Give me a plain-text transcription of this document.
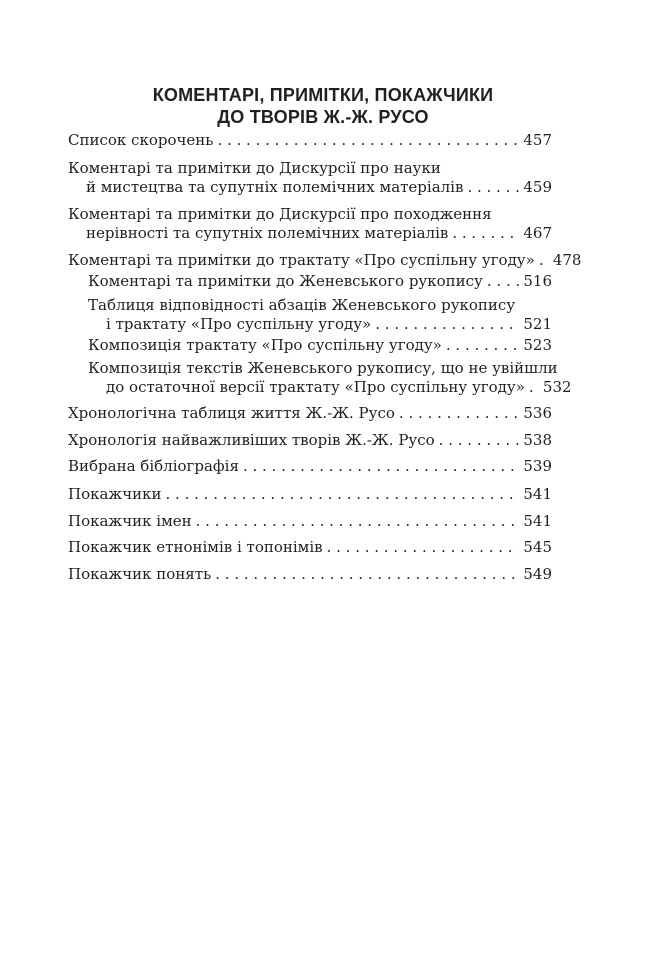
КОМЕНТАРІ, ПРИМІТКИ, ПОКАЖЧИКИ
ДО ТВОРІВ Ж.-Ж. РУСО
Список скорочень . . .	457
Коментарі та примітки до Дискурсії про науки
й мистецтва та супутніх полемічних матеріалів . . .	459
Коментарі та примітки до Дискурсії про походження
нерівності та супутніх полемічних матеріалів . . .	467
Коментарі та примітки до трактату «Про суспільну угоду» . . . 478
Коментарі та примітки до Женевського рукопису . . .	516
Таблиця відповідності абзаців Женевського рукопису
і трактату «Про суспільну угоду» . . .	521
Композиція трактату «Про суспільну угоду» . . .	523
Композиція текстів Женевського рукопису, що не увійшли
до остаточної версії трактату «Про суспільну угоду» . . . 532
Хронологічна таблиця життя Ж.-Ж. Русо . . .	536
Хронологія найважливіших творів Ж.-Ж. Русо . . .	538
Вибрана бібліографія . . .	539
Покажчики . . .	541
Покажчик імен . . .	541
Покажчик етнонімів і топонімів . . .	545
Покажчик понять . . .	549
